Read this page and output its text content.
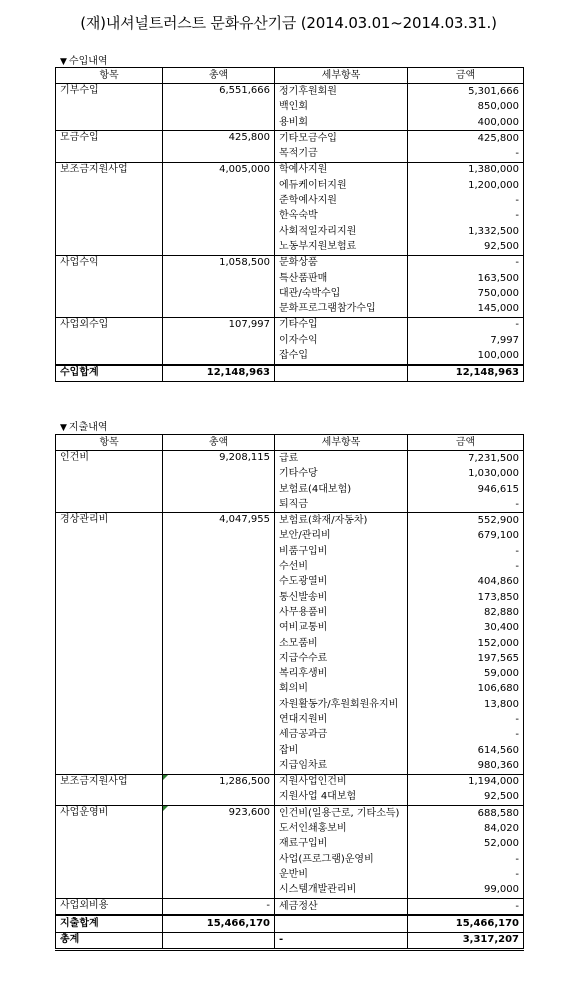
(재)내셔널트러스트 문화유산기금 (2014.03.01~2014.03.31.)
▼ 수입내역
항목	총액	세부항목	금액
기부수입	6,551,666	정기후원회원	5,301,666
		백인회	850,000
		용비회	400,000
모금수입	425,800	기타모금수입	425,800
		목적기금	-
보조금지원사업	4,005,000	학예사지원	1,380,000
		에듀케이터지원	1,200,000
		준학예사지원	-
		한옥숙박	-
		사회적일자리지원	1,332,500
		노동부지원보험료	92,500
사업수익	1,058,500	문화상품	-
		특산품판매	163,500
		대관/숙박수입	750,000
		문화프로그램참가수입	145,000
사업외수입	107,997	기타수입	-
		이자수익	7,997
		잡수입	100,000
수입합계	12,148,963		12,148,963
▼ 지출내역
항목	총액	세부항목	금액
인건비	9,208,115	급료	7,231,500
		기타수당	1,030,000
		보험료(4대보험)	946,615
		퇴직금	-
경상관리비	4,047,955	보험료(화재/자동차)	552,900
		보안/관리비	679,100
		비품구입비	-
		수선비	-
		수도광열비	404,860
		통신발송비	173,850
		사무용품비	82,880
		여비교통비	30,400
		소모품비	152,000
		지급수수료	197,565
		복리후생비	59,000
		회의비	106,680
		자원활동가/후원회원유지비	13,800
		연대지원비	-
		세금공과금	-
		잡비	614,560
		지급임차료	980,360
보조금지원사업	1,286,500	지원사업인건비	1,194,000
		지원사업 4대보험	92,500
사업운영비	923,600	인건비(일용근로, 기타소득)	688,580
		도서인쇄홍보비	84,020
		재료구입비	52,000
		사업(프로그램)운영비	-
		운반비	-
		시스템개발관리비	99,000
사업외비용	-	세금정산	-
지출합계	15,466,170		15,466,170
총계		-	3,317,207
